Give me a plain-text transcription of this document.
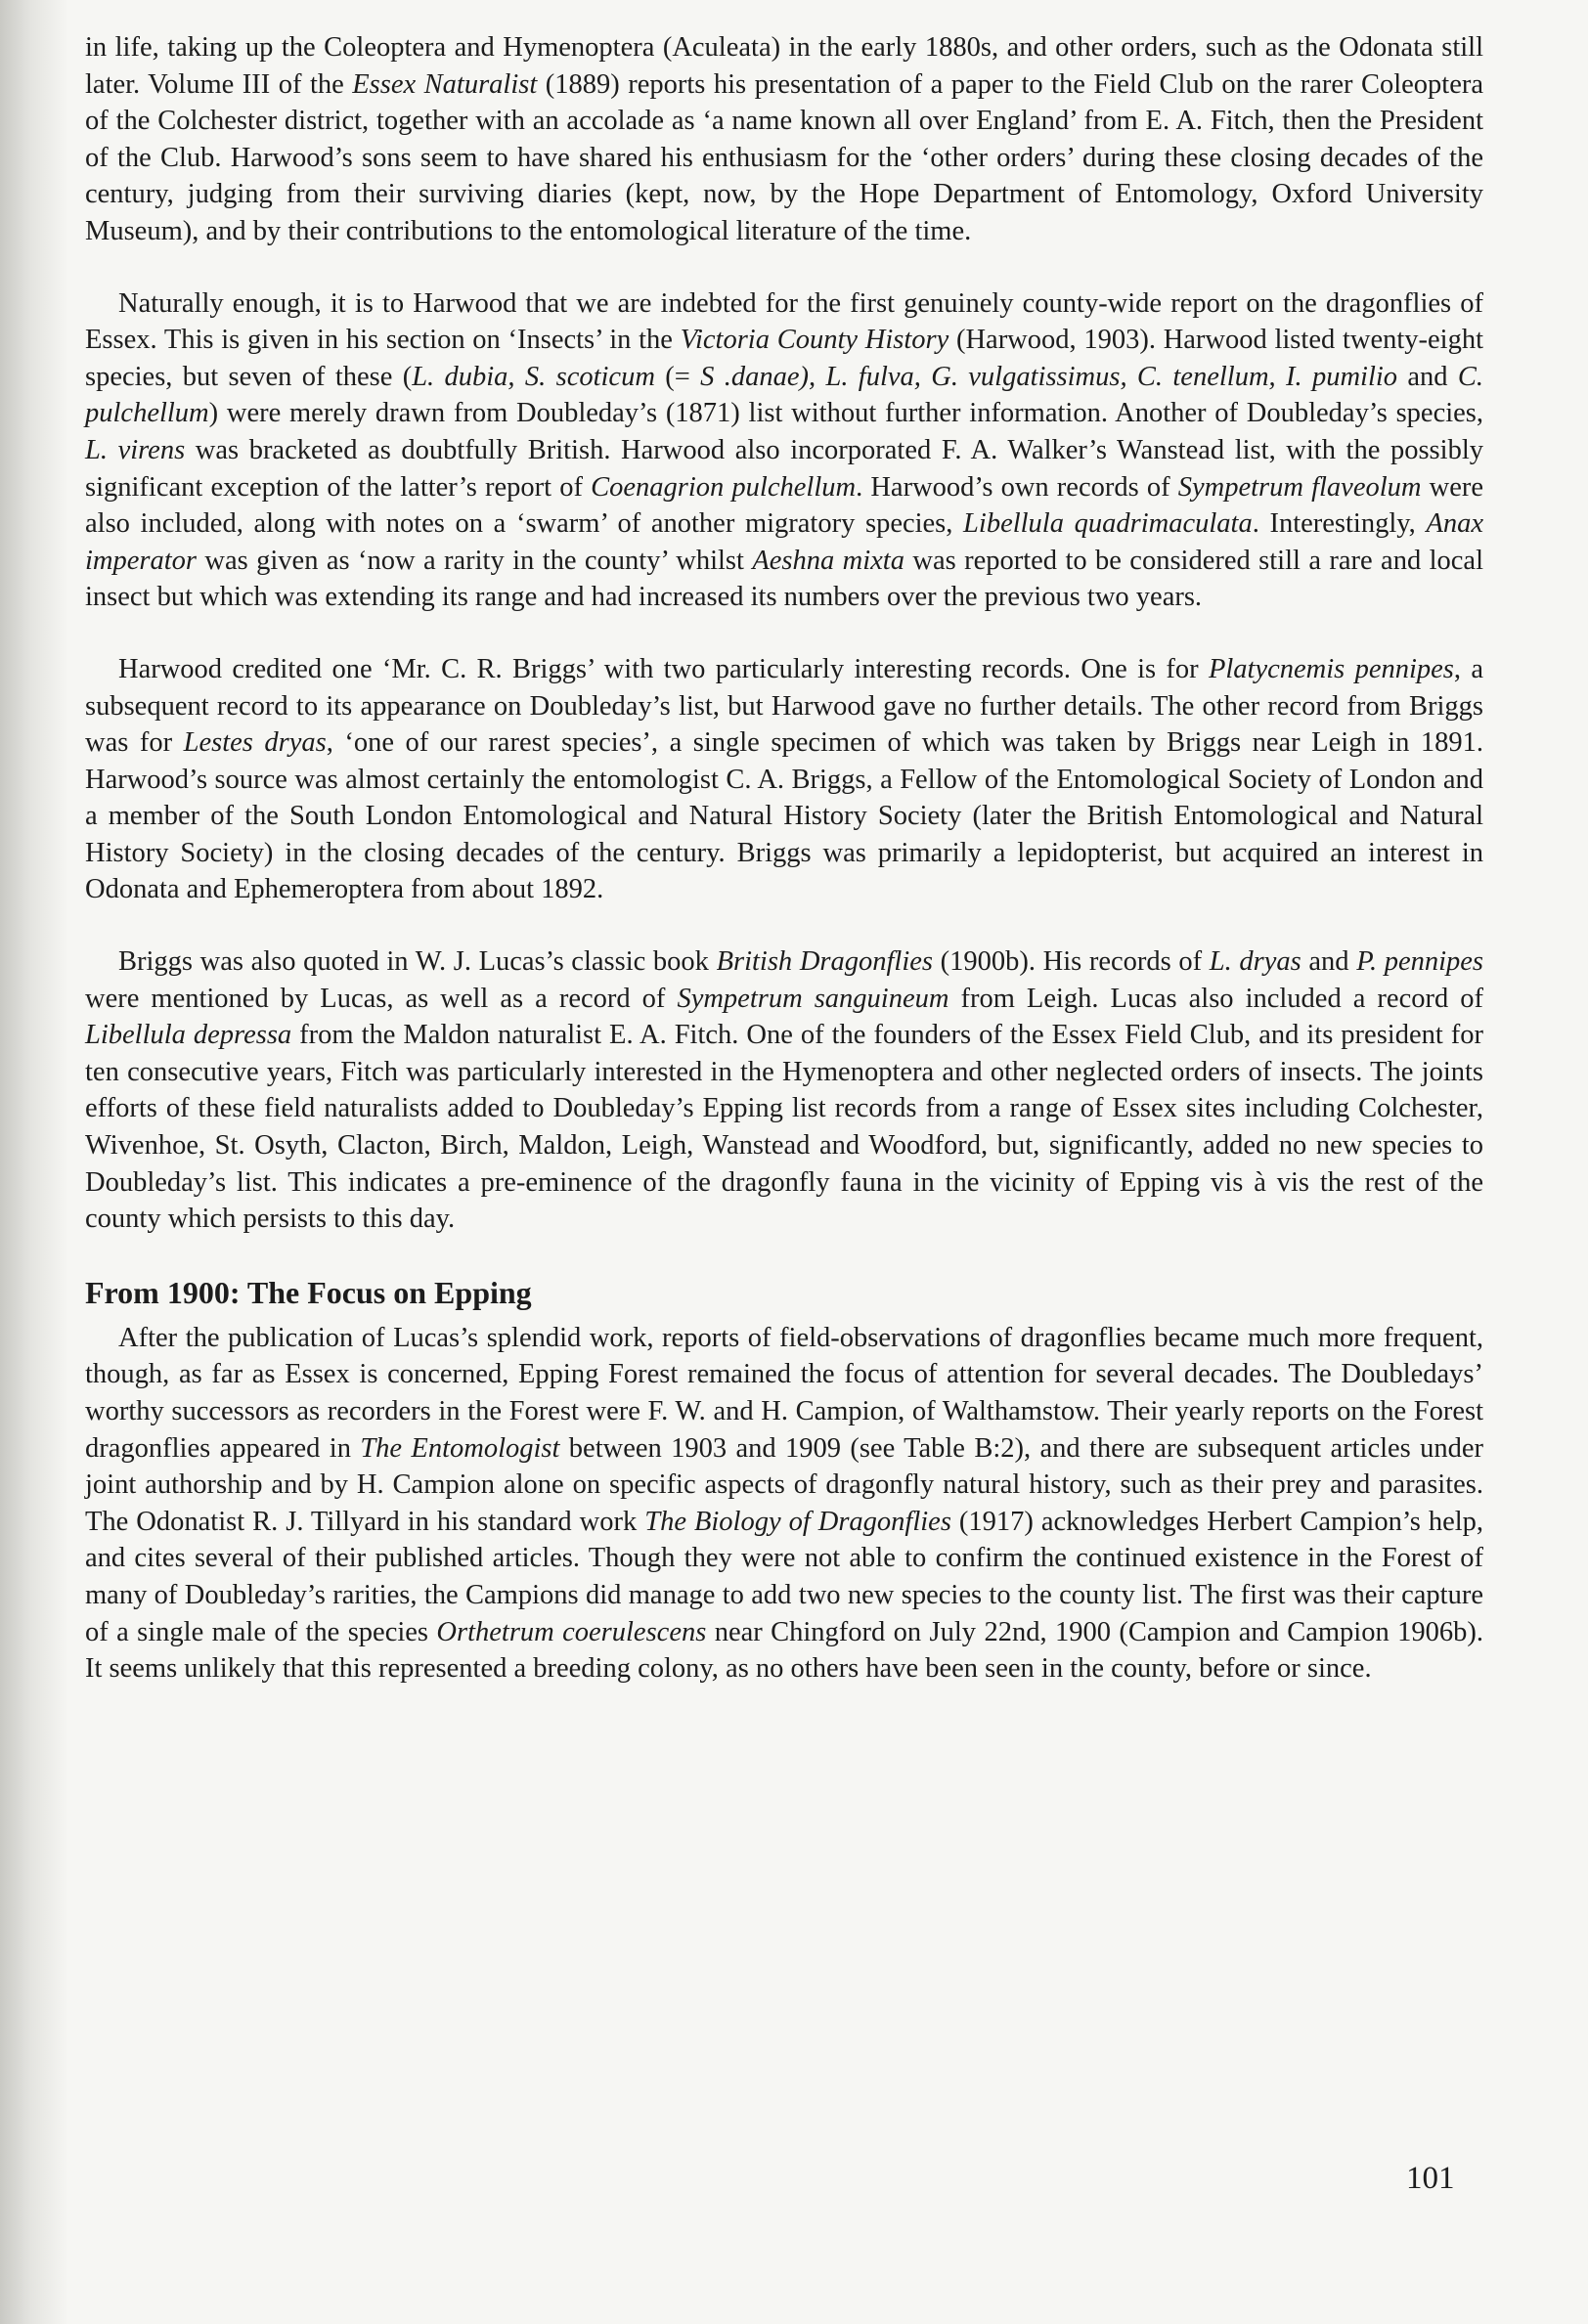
in life, taking up the Coleoptera and Hymenoptera (Aculeata) in the early 1880s, and other orders, such as the Odonata still later. Volume III of the Essex Naturalist (1889) reports his presentation of a paper to the Field Club on the rarer Coleoptera of the Colchester district, together with an accolade as ‘a name known all over England’ from E. A. Fitch, then the President of the Club. Harwood’s sons seem to have shared his enthusiasm for the ‘other orders’ during these closing decades of the century, judging from their surviving diaries (kept, now, by the Hope Department of Entomology, Oxford University Museum), and by their contributions to the entomological literature of the time.

Naturally enough, it is to Harwood that we are indebted for the first genuinely county-wide report on the dragonflies of Essex. This is given in his section on ‘Insects’ in the Victoria County History (Harwood, 1903). Harwood listed twenty-eight species, but seven of these (L. dubia, S. scoticum (= S .danae), L. fulva, G. vulgatissimus, C. tenellum, I. pumilio and C. pulchellum) were merely drawn from Doubleday’s (1871) list without further information. Another of Doubleday’s species, L. virens was bracketed as doubtfully British. Harwood also incorporated F. A. Walker’s Wanstead list, with the possibly significant exception of the latter’s report of Coenagrion pulchellum. Harwood’s own records of Sympetrum flaveolum were also included, along with notes on a ‘swarm’ of another migratory species, Libellula quadrimaculata. Interestingly, Anax imperator was given as ‘now a rarity in the county’ whilst Aeshna mixta was reported to be considered still a rare and local insect but which was extending its range and had increased its numbers over the previous two years.

Harwood credited one ‘Mr. C. R. Briggs’ with two particularly interesting records. One is for Platycnemis pennipes, a subsequent record to its appearance on Doubleday’s list, but Harwood gave no further details. The other record from Briggs was for Lestes dryas, ‘one of our rarest species’, a single specimen of which was taken by Briggs near Leigh in 1891. Harwood’s source was almost certainly the entomologist C. A. Briggs, a Fellow of the Entomological Society of London and a member of the South London Entomological and Natural History Society (later the British Entomological and Natural History Society) in the closing decades of the century. Briggs was primarily a lepidopterist, but acquired an interest in Odonata and Ephemeroptera from about 1892.

Briggs was also quoted in W. J. Lucas’s classic book British Dragonflies (1900b). His records of L. dryas and P. pennipes were mentioned by Lucas, as well as a record of Sympetrum sanguineum from Leigh. Lucas also included a record of Libellula depressa from the Maldon naturalist E. A. Fitch. One of the founders of the Essex Field Club, and its president for ten consecutive years, Fitch was particularly interested in the Hymenoptera and other neglected orders of insects. The joints efforts of these field naturalists added to Doubleday’s Epping list records from a range of Essex sites including Colchester, Wivenhoe, St. Osyth, Clacton, Birch, Maldon, Leigh, Wanstead and Woodford, but, significantly, added no new species to Doubleday’s list. This indicates a pre-eminence of the dragonfly fauna in the vicinity of Epping vis à vis the rest of the county which persists to this day.

From 1900: The Focus on Epping

After the publication of Lucas’s splendid work, reports of field-observations of dragonflies became much more frequent, though, as far as Essex is concerned, Epping Forest remained the focus of attention for several decades. The Doubledays’ worthy successors as recorders in the Forest were F. W. and H. Campion, of Walthamstow. Their yearly reports on the Forest dragonflies appeared in The Entomologist between 1903 and 1909 (see Table B:2), and there are subsequent articles under joint authorship and by H. Campion alone on specific aspects of dragonfly natural history, such as their prey and parasites. The Odonatist R. J. Tillyard in his standard work The Biology of Dragonflies (1917) acknowledges Herbert Campion’s help, and cites several of their published articles. Though they were not able to confirm the continued existence in the Forest of many of Doubleday’s rarities, the Campions did manage to add two new species to the county list. The first was their capture of a single male of the species Orthetrum coerulescens near Chingford on July 22nd, 1900 (Campion and Campion 1906b). It seems unlikely that this represented a breeding colony, as no others have been seen in the county, before or since.

101
